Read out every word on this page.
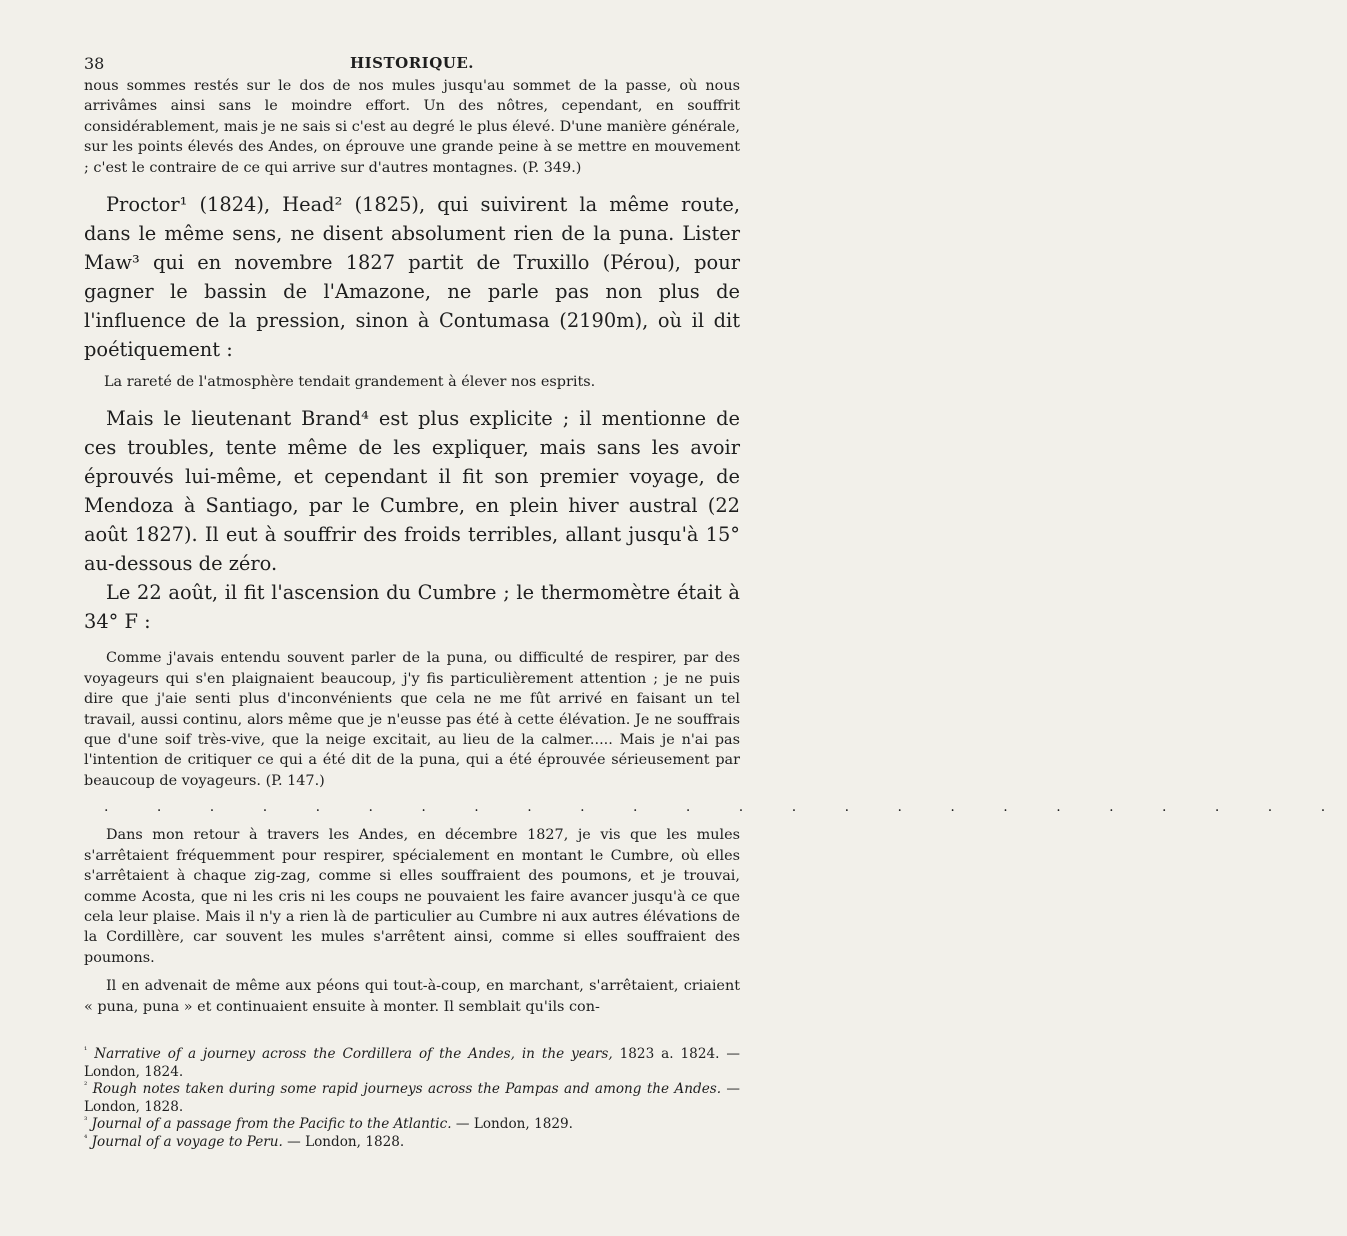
38	HISTORIQUE.

nous sommes restés sur le dos de nos mules jusqu'au sommet de la passe, où nous arrivâmes ainsi sans le moindre effort. Un des nôtres, cependant, en souffrit considérablement, mais je ne sais si c'est au degré le plus élevé. D'une manière générale, sur les points élevés des Andes, on éprouve une grande peine à se mettre en mouvement ; c'est le contraire de ce qui arrive sur d'autres montagnes. (P. 349.)

Proctor¹ (1824), Head² (1825), qui suivirent la même route, dans le même sens, ne disent absolument rien de la puna. Lister Maw³ qui en novembre 1827 partit de Truxillo (Pérou), pour gagner le bassin de l'Amazone, ne parle pas non plus de l'influence de la pression, sinon à Contumasa (2190m), où il dit poétiquement :

La rareté de l'atmosphère tendait grandement à élever nos esprits.

Mais le lieutenant Brand⁴ est plus explicite ; il mentionne de ces troubles, tente même de les expliquer, mais sans les avoir éprouvés lui-même, et cependant il fit son premier voyage, de Mendoza à Santiago, par le Cumbre, en plein hiver austral (22 août 1827). Il eut à souffrir des froids terribles, allant jusqu'à 15° au-dessous de zéro.

Le 22 août, il fit l'ascension du Cumbre ; le thermomètre était à 34° F :

Comme j'avais entendu souvent parler de la puna, ou difficulté de respirer, par des voyageurs qui s'en plaignaient beaucoup, j'y fis particulièrement attention ; je ne puis dire que j'aie senti plus d'inconvénients que cela ne me fût arrivé en faisant un tel travail, aussi continu, alors même que je n'eusse pas été à cette élévation. Je ne souffrais que d'une soif très-vive, que la neige excitait, au lieu de la calmer..... Mais je n'ai pas l'intention de critiquer ce qui a été dit de la puna, qui a été éprouvée sérieusement par beaucoup de voyageurs. (P. 147.)

. . . . . . . . . . . . . . . . . . . . . . . .

Dans mon retour à travers les Andes, en décembre 1827, je vis que les mules s'arrêtaient fréquemment pour respirer, spécialement en montant le Cumbre, où elles s'arrêtaient à chaque zig-zag, comme si elles souffraient des poumons, et je trouvai, comme Acosta, que ni les cris ni les coups ne pouvaient les faire avancer jusqu'à ce que cela leur plaise. Mais il n'y a rien là de particulier au Cumbre ni aux autres élévations de la Cordillère, car souvent les mules s'arrêtent ainsi, comme si elles souffraient des poumons.

Il en advenait de même aux péons qui tout-à-coup, en marchant, s'arrêtaient, criaient « puna, puna » et continuaient ensuite à monter. Il semblait qu'ils con-

$^{^1}$ Narrative of a journey across the Cordillera of the Andes, in the years, 1823 a. 1824. — London, 1824.

$^{^2}$ Rough notes taken during some rapid journeys across the Pampas and among the Andes. — London, 1828.

$^{^3}$ Journal of a passage from the Pacific to the Atlantic. — London, 1829.

$^{^4}$ Journal of a voyage to Peru. — London, 1828.
